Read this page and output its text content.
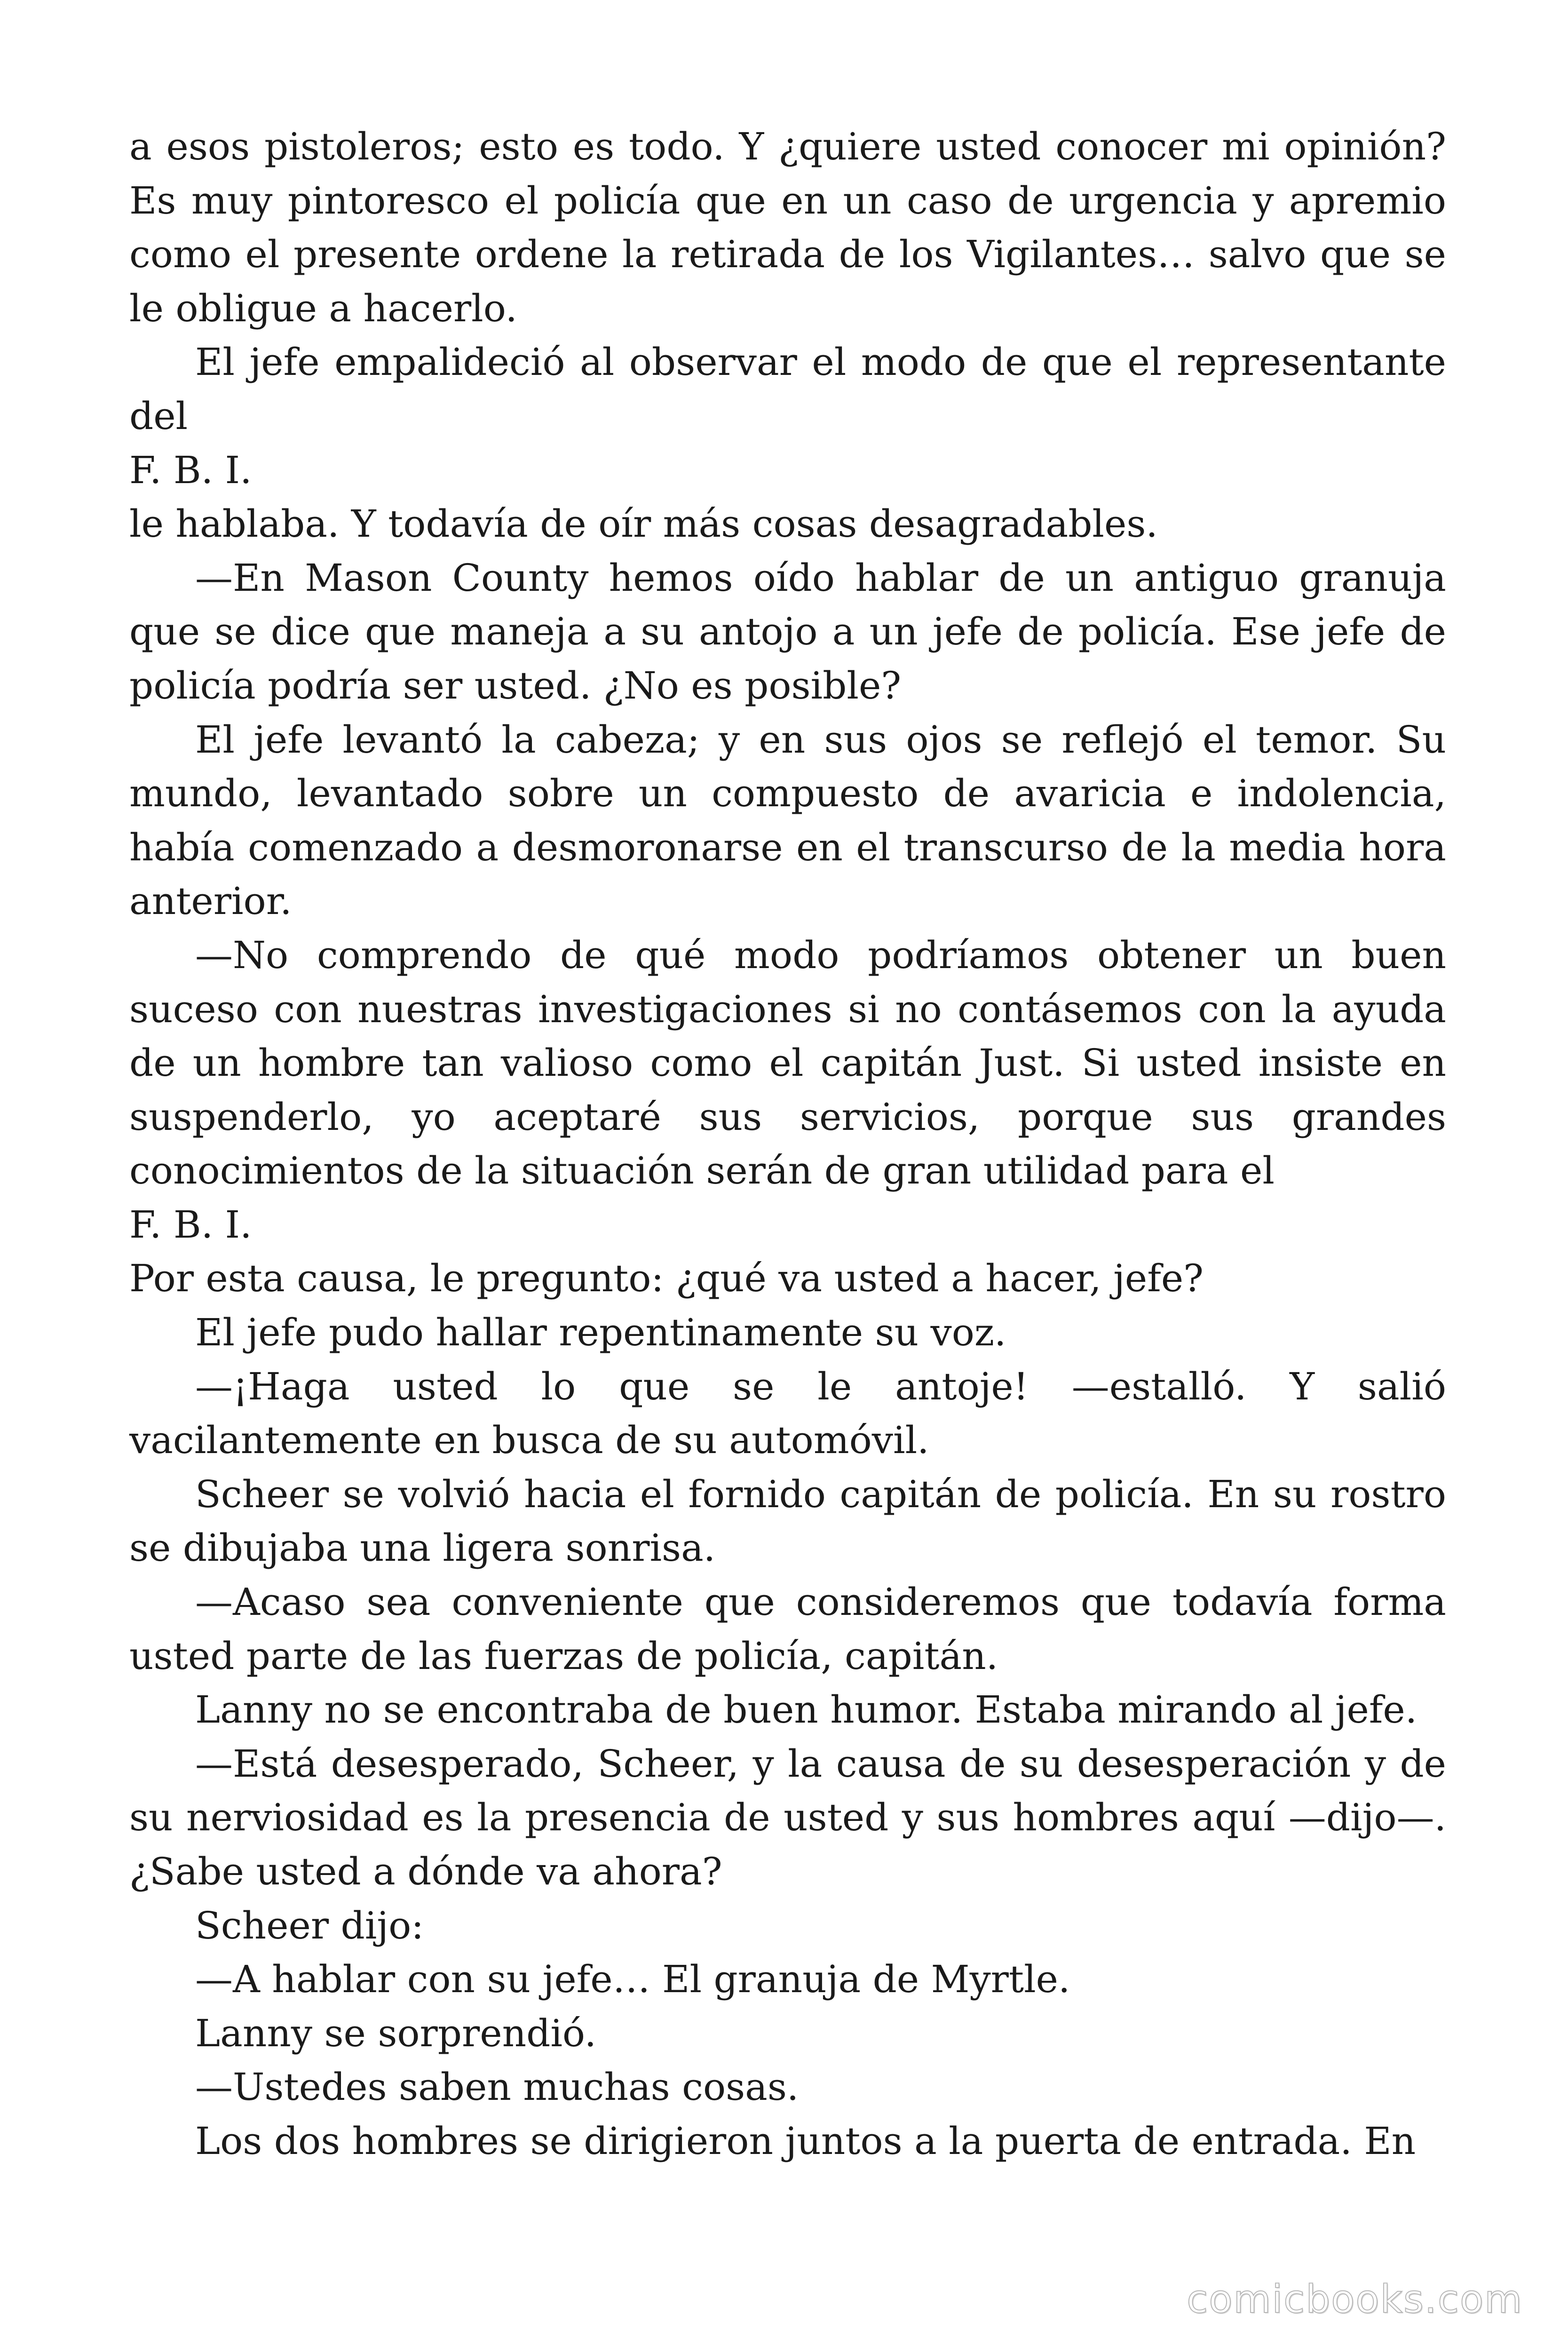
a esos pistoleros; esto es todo. Y ¿quiere usted conocer mi opinión? Es muy pintoresco el policía que en un caso de urgencia y apremio como el presente ordene la retirada de los Vigilantes… salvo que se le obligue a hacerlo.

El jefe empalideció al observar el modo de que el representante del

F. B. I.

le hablaba. Y todavía de oír más cosas desagradables.

—En Mason County hemos oído hablar de un antiguo granuja que se dice que maneja a su antojo a un jefe de policía. Ese jefe de policía podría ser usted. ¿No es posible?

El jefe levantó la cabeza; y en sus ojos se reflejó el temor. Su mundo, levantado sobre un compuesto de avaricia e indolencia, había comenzado a desmoronarse en el transcurso de la media hora anterior.

—No comprendo de qué modo podríamos obtener un buen suceso con nuestras investigaciones si no contásemos con la ayuda de un hombre tan valioso como el capitán Just. Si usted insiste en suspenderlo, yo aceptaré sus servicios, porque sus grandes conocimientos de la situación serán de gran utilidad para el

F. B. I.

Por esta causa, le pregunto: ¿qué va usted a hacer, jefe?

El jefe pudo hallar repentinamente su voz.

—¡Haga usted lo que se le antoje! —estalló. Y salió vacilantemente en busca de su automóvil.

Scheer se volvió hacia el fornido capitán de policía. En su rostro se dibujaba una ligera sonrisa.

—Acaso sea conveniente que consideremos que todavía forma usted parte de las fuerzas de policía, capitán.

Lanny no se encontraba de buen humor. Estaba mirando al jefe.

—Está desesperado, Scheer, y la causa de su desesperación y de su nerviosidad es la presencia de usted y sus hombres aquí —dijo—. ¿Sabe usted a dónde va ahora?

Scheer dijo:

—A hablar con su jefe… El granuja de Myrtle.

Lanny se sorprendió.

—Ustedes saben muchas cosas.

Los dos hombres se dirigieron juntos a la puerta de entrada. En

comicbooks.com
